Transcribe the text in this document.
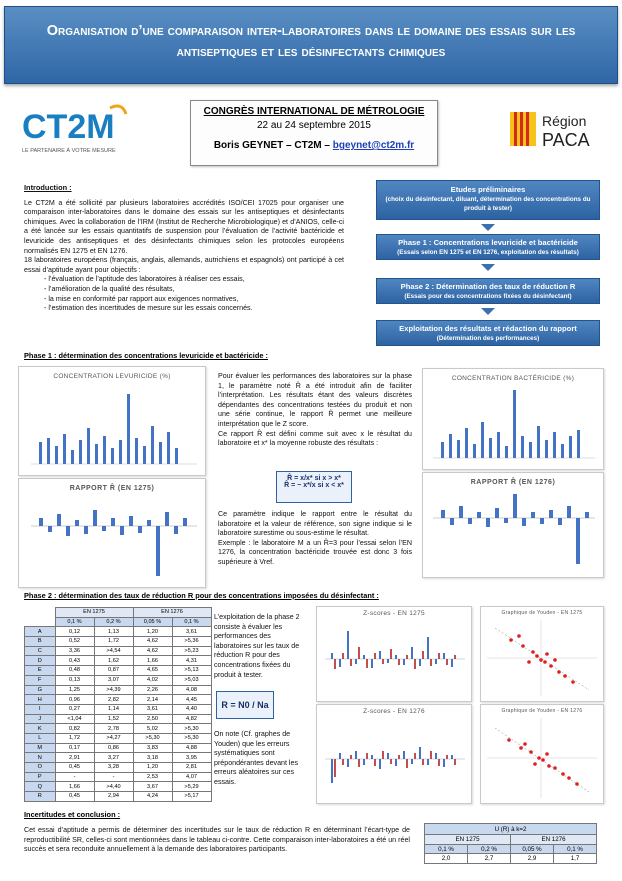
Organisation d’une comparaison inter-laboratoires dans le domaine des essais sur les antiseptiques et les désinfectants chimiques
CT2M
LE PARTENAIRE À VOTRE MESURE
CONGRÈS INTERNATIONAL DE MÉTROLOGIE
22 au 24 septembre 2015
Boris GEYNET – CT2M – bgeynet@ct2m.fr
Région
PACA
Introduction :
Le CT2M a été sollicité par plusieurs laboratoires accrédités ISO/CEI 17025 pour organiser une comparaison inter-laboratoires dans le domaine des essais sur les antiseptiques et désinfectants chimiques. Avec la collaboration de l’IRM (Institut de Recherche Microbiologique) et d’ANIOS, celle-ci a été lancée sur les essais quantitatifs de suspension pour l’évaluation de l’activité bactéricide et levuricide des antiseptiques et des désinfectants chimiques selon les protocoles européens normalisés EN 1275 et EN 1276.
18 laboratoires européens (français, anglais, allemands, autrichiens et espagnols) ont participé à cet essai d’aptitude ayant pour objectifs :
- l’évaluation de l’aptitude des laboratoires à réaliser ces essais,
- l’amélioration de la qualité des résultats,
- la mise en conformité par rapport aux exigences normatives,
- l’estimation des incertitudes de mesure sur les essais concernés.
Etudes préliminaires
(choix du désinfectant, diluant, détermination des concentrations du produit à tester)
Phase 1 : Concentrations levuricide et bactéricide
(Essais selon EN 1275 et EN 1276, exploitation des résultats)
Phase 2 : Détermination des taux de réduction R
(Essais pour des concentrations fixées du désinfectant)
Exploitation des résultats et rédaction du rapport
(Détermination des performances)
Phase 1 : détermination des concentrations levuricide et bactéricide :
CONCENTRATION LEVURICIDE (%)	CONCENTRATION BACTÉRICIDE (%)
RAPPORT R̂ (EN 1275)
RAPPORT R̂ (EN 1276)
Pour évaluer les performances des laboratoires sur la phase 1, le paramètre noté R̂ a été introduit afin de faciliter l’interprétation. Les résultats étant des valeurs discrètes dépendantes des concentrations testées du produit et non une série continue, le rapport R̂ permet une meilleure interprétation que le Z score.
Ce rapport R̂ est défini comme suit avec x le résultat du laboratoire et x* la moyenne robuste des résultats :
R̂ = x/x* si x > x*
R̂ = − x*/x si x < x*
Ce paramètre indique le rapport entre le résultat du laboratoire et la valeur de référence, son signe indique si le laboratoire surestime ou sous-estime le résultat.
Exemple : le laboratoire M a un R̂=3 pour l’essai selon l’EN 1276, la concentration bactéricide trouvée est donc 3 fois supérieure à Vref.
Phase 2 : détermination des taux de réduction R pour des concentrations imposées du désinfectant :
	EN 1275		EN 1276	
	0,1 %	0,2 %	0,05 %	0,1 %
A	0,12	1,13	1,20	3,61
B	0,52	1,72	4,62	>5,36
C	3,36	>4,54	4,62	>5,23
D	0,43	1,62	1,66	4,31
E	0,48	0,87	4,65	>5,13
F	0,13	3,07	4,02	>5,03
G	1,25	>4,39	2,26	4,08
H	0,96	2,82	2,14	4,45
I	0,27	1,14	3,61	4,40
J	<1,04	1,52	2,50	4,82
K	0,82	2,78	5,02	>5,30
L	1,72	>4,27	>5,30	>5,30
M	0,17	0,86	3,83	4,88
N	2,91	3,27	3,18	3,95
O	0,45	3,28	1,20	2,81
P	-	-	2,53	4,07
Q	1,66	>4,40	3,67	>5,29
R	0,45	2,94	4,24	>5,17
L’exploitation de la phase 2 consiste à évaluer les performances des laboratoires sur les taux de réduction R pour des concentrations fixées du produit à tester.
R = N0 / Na
On note (Cf. graphes de Youden) que les erreurs systématiques sont prépondérantes devant les erreurs aléatoires sur ces essais.
Z-scores - EN 1275
Z-scores - EN 1276
Graphique de Youden - EN 1275
Graphique de Youden - EN 1276
Incertitudes et conclusion :
Cet essai d’aptitude a permis de déterminer des incertitudes sur le taux de réduction R en déterminant l’écart-type de reproductibilité SR, celles-ci sont mentionnées dans le tableau ci-contre. Cette comparaison inter-laboratoires a été un réel succès et sera reconduite annuellement à la demande des laboratoires participants.
U (R) à k=2			
EN 1275		EN 1276	
0,1 %	0,2 %	0,05 %	0,1 %
2,0	2,7	2,9	1,7
